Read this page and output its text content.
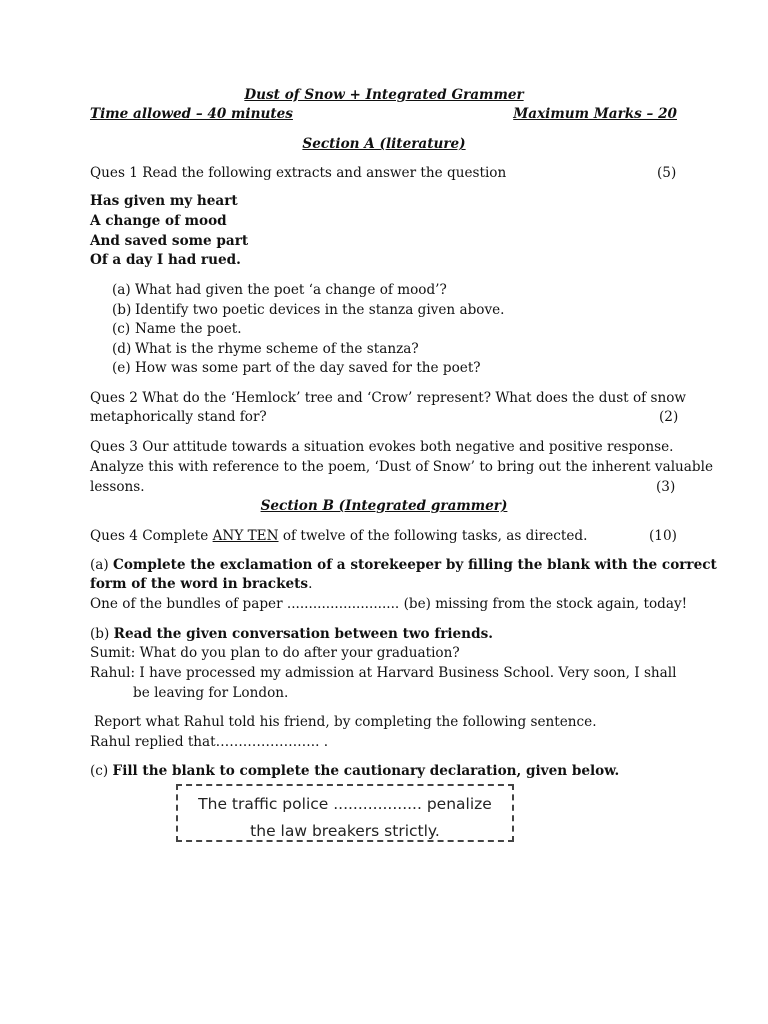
Dust of Snow + Integrated Grammer
Time allowed – 40 minutes	Maximum Marks – 20
Section A (literature)
Ques 1 Read the following extracts and answer the question	(5)
Has given my heart
A change of mood
And saved some part
Of a day I had rued.
(a) What had given the poet ‘a change of mood’?
(b) Identify two poetic devices in the stanza given above.
(c) Name the poet.
(d) What is the rhyme scheme of the stanza?
(e) How was some part of the day saved for the poet?
Ques 2 What do the ‘Hemlock’ tree and ‘Crow’ represent? What does the dust of snow
metaphorically stand for?	(2)
Ques 3 Our attitude towards a situation evokes both negative and positive response.
Analyze this with reference to the poem, ‘Dust of Snow’ to bring out the inherent valuable
lessons.	(3)
Section B (Integrated grammer)
Ques 4 Complete ANY TEN of twelve of the following tasks, as directed.	(10)
(a) Complete the exclamation of a storekeeper by filling the blank with the correct
form of the word in brackets.
One of the bundles of paper .......................... (be) missing from the stock again, today!
(b) Read the given conversation between two friends.
Sumit: What do you plan to do after your graduation?
Rahul: I have processed my admission at Harvard Business School. Very soon, I shall
be leaving for London.
Report what Rahul told his friend, by completing the following sentence.
Rahul replied that………………….. .
(c) Fill the blank to complete the cautionary declaration, given below.
The traffic police .................. penalize
the law breakers strictly.
